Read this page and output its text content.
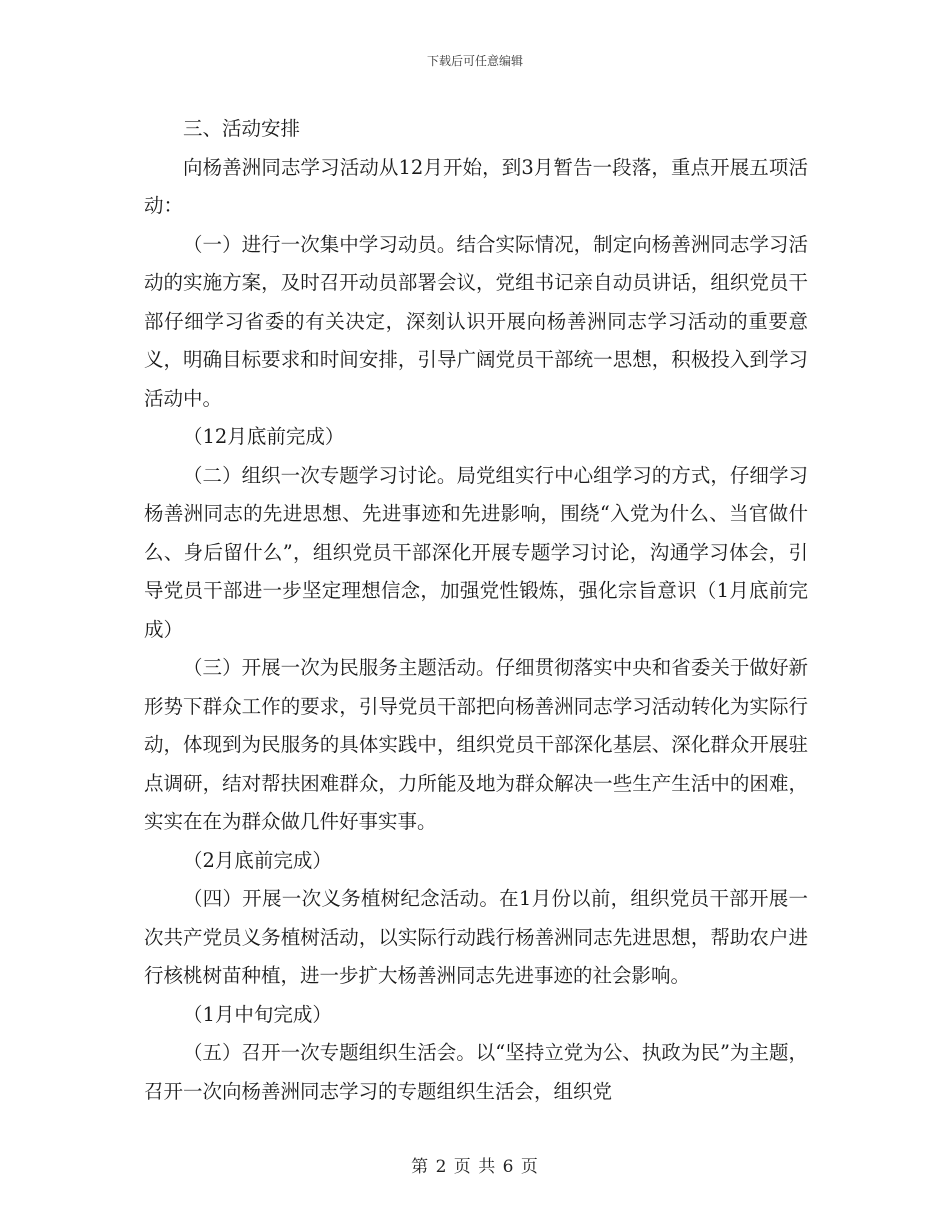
下载后可任意编辑

三、活动安排

向杨善洲同志学习活动从12月开始，到3月暂告一段落，重点开展五项活动：

（一）进行一次集中学习动员。结合实际情况，制定向杨善洲同志学习活动的实施方案，及时召开动员部署会议，党组书记亲自动员讲话，组织党员干部仔细学习省委的有关决定，深刻认识开展向杨善洲同志学习活动的重要意义，明确目标要求和时间安排，引导广阔党员干部统一思想，积极投入到学习活动中。

（12月底前完成）

（二）组织一次专题学习讨论。局党组实行中心组学习的方式，仔细学习杨善洲同志的先进思想、先进事迹和先进影响，围绕“入党为什么、当官做什么、身后留什么”，组织党员干部深化开展专题学习讨论，沟通学习体会，引导党员干部进一步坚定理想信念，加强党性锻炼，强化宗旨意识（1月底前完成）

（三）开展一次为民服务主题活动。仔细贯彻落实中央和省委关于做好新形势下群众工作的要求，引导党员干部把向杨善洲同志学习活动转化为实际行动，体现到为民服务的具体实践中，组织党员干部深化基层、深化群众开展驻点调研，结对帮扶困难群众，力所能及地为群众解决一些生产生活中的困难，实实在在为群众做几件好事实事。

（2月底前完成）

（四）开展一次义务植树纪念活动。在1月份以前，组织党员干部开展一次共产党员义务植树活动，以实际行动践行杨善洲同志先进思想，帮助农户进行核桃树苗种植，进一步扩大杨善洲同志先进事迹的社会影响。

（1月中旬完成）

（五）召开一次专题组织生活会。以“坚持立党为公、执政为民”为主题，召开一次向杨善洲同志学习的专题组织生活会，组织党

第 2 页 共 6 页
